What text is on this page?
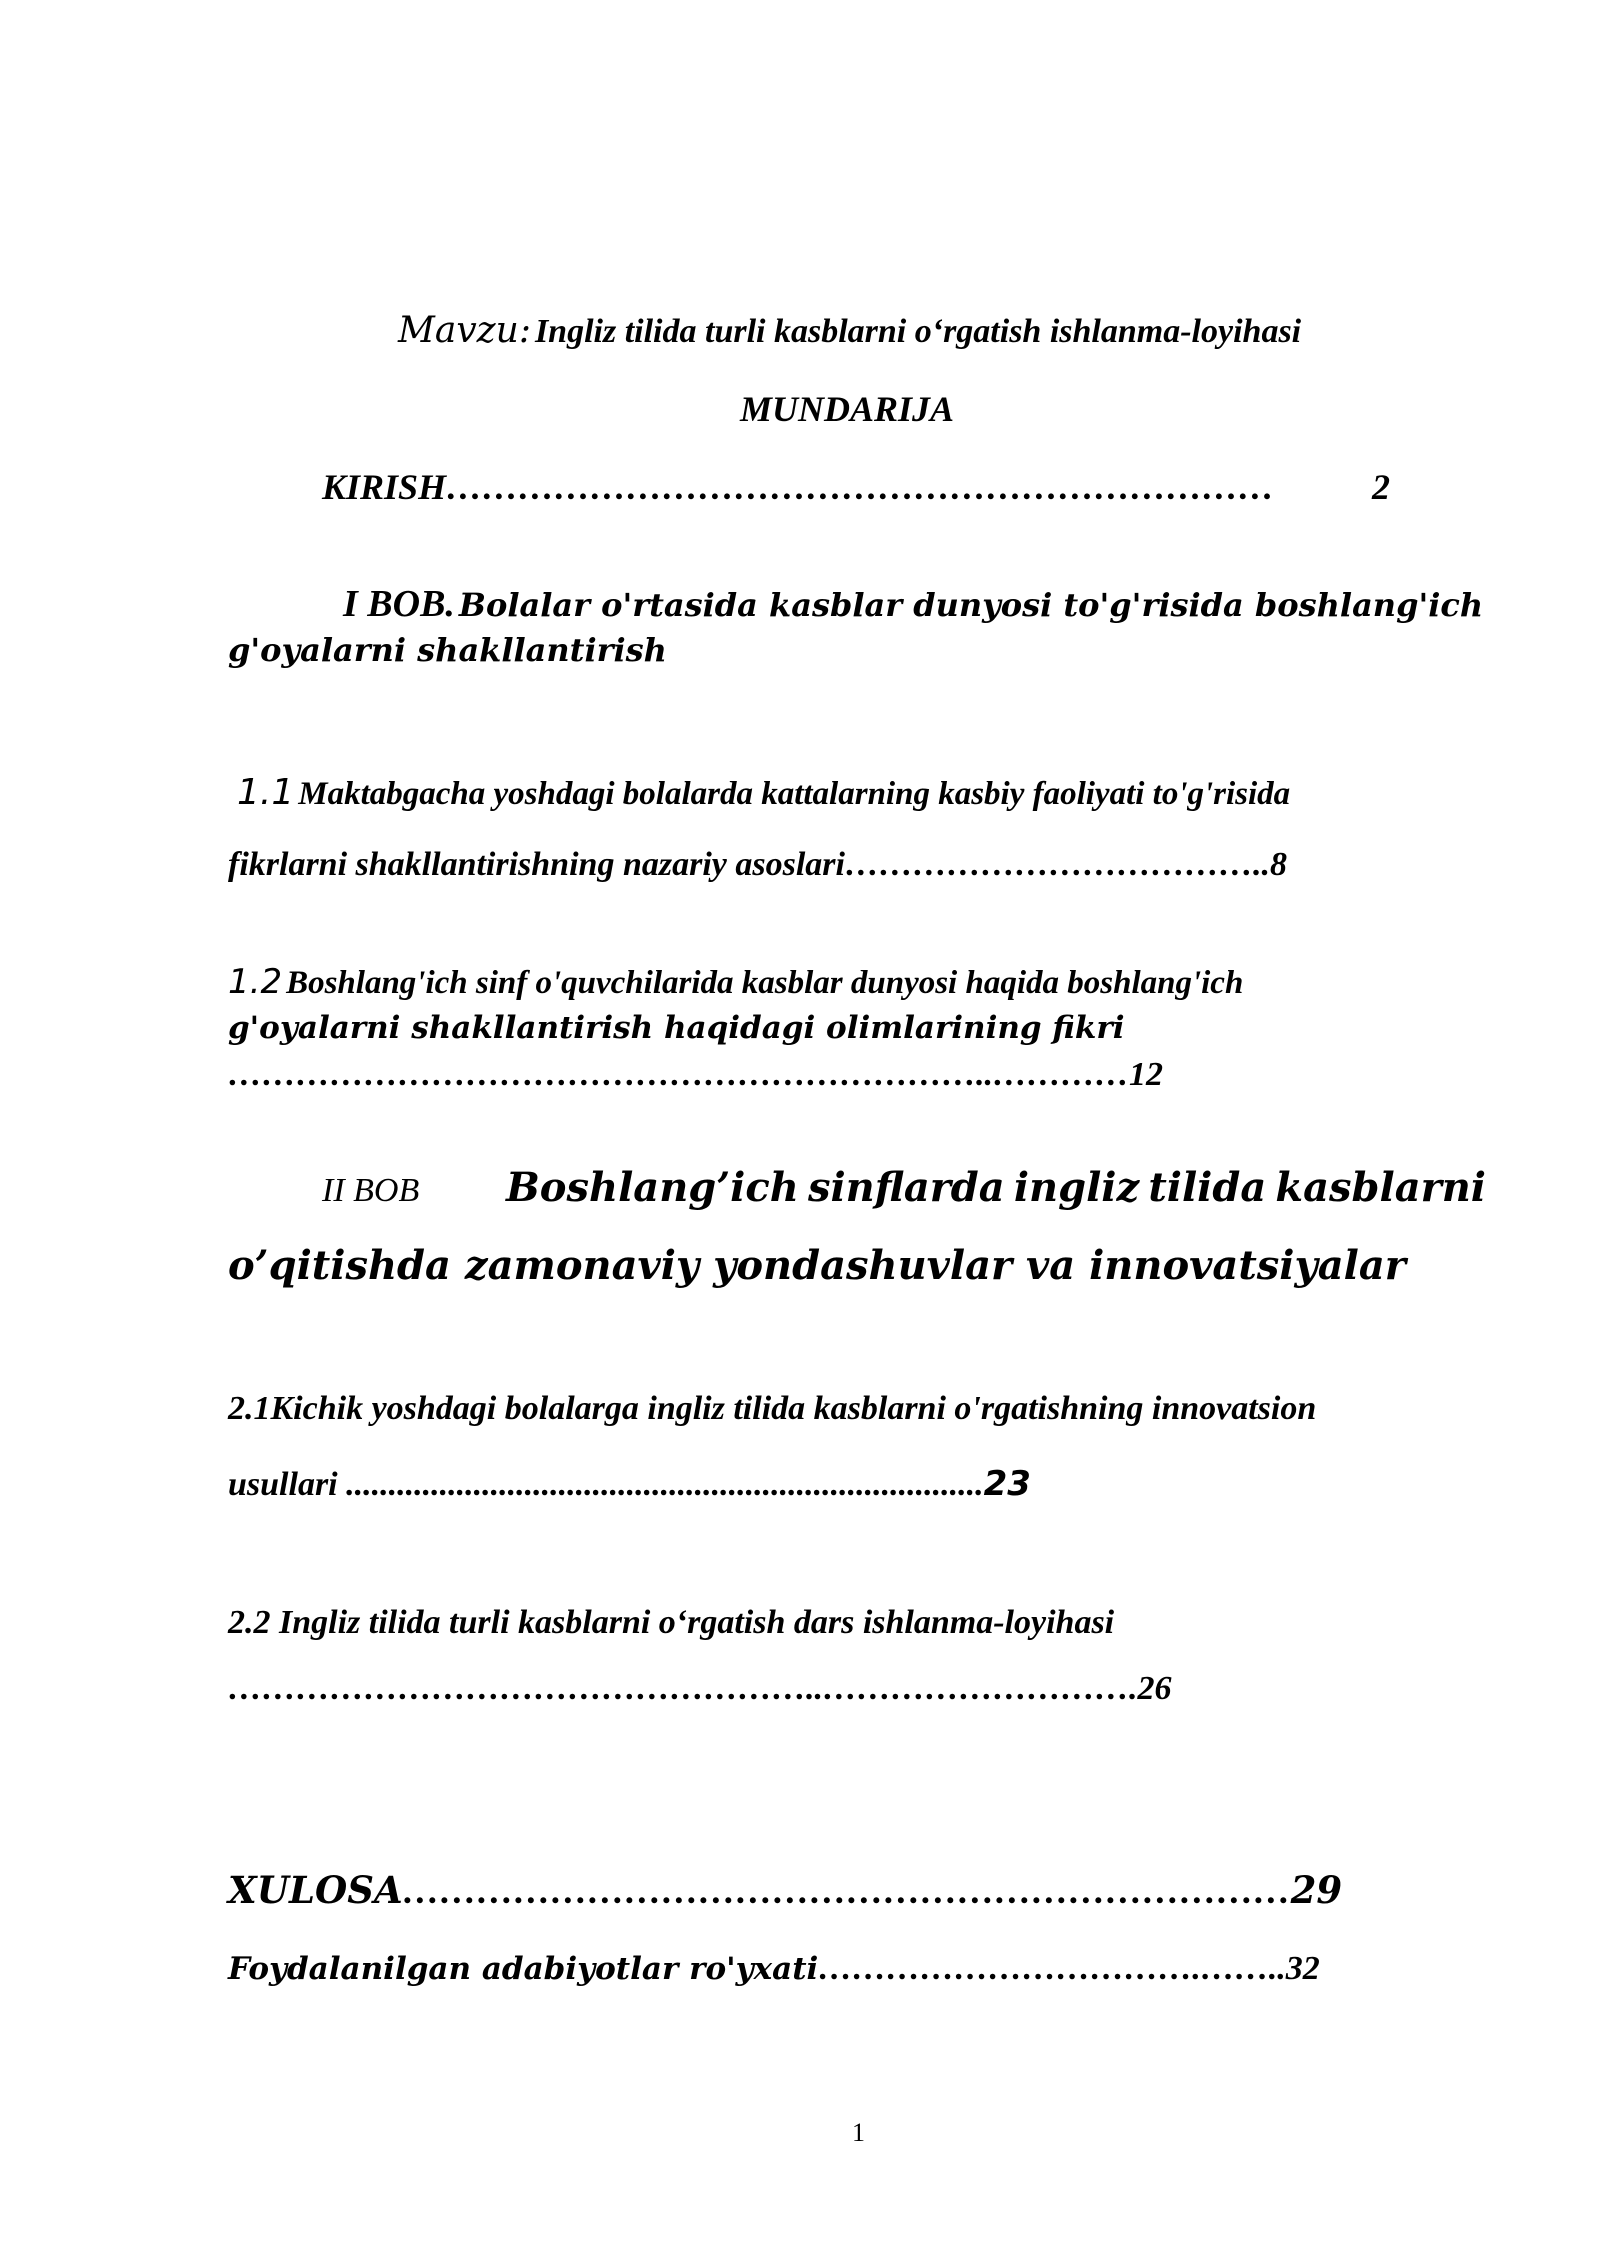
Mavzu: Ingliz tilida turli kasblarni o‘rgatish ishlanma-loyihasi
MUNDARIJA
KIRISH……………………………………………………………	2
I BOB. Bolalar o'rtasida kasblar dunyosi to'g'risida boshlang'ich
g'oyalarni shakllantirish
1.1 Maktabgacha yoshdagi bolalarda kattalarning kasbiy faoliyati to'g'risida
fikrlarni shakllantirishning nazariy asoslari………………………………..8
1.2 Boshlang'ich sinf o'quvchilarida kasblar dunyosi haqida boshlang'ich
g'oyalarni shakllantirish haqidagi olimlarining fikri
…………………………………………………………..…………12
II BOB Boshlang’ich sinflarda ingliz tilida kasblarni
o’qitishda zamonaviy yondashuvlar va innovatsiyalar
2.1Kichik yoshdagi bolalarga ingliz tilida kasblarni o'rgatishning innovatsion
usullari ...........................................................................23
2.2 Ingliz tilida turli kasblarni o‘rgatish dars ishlanma-loyihasi
……………………………………………..……………………….26
XULOSA………………………………………………………………29
Foydalanilgan adabiyotlar ro'yxati…………………………….……..32
1
